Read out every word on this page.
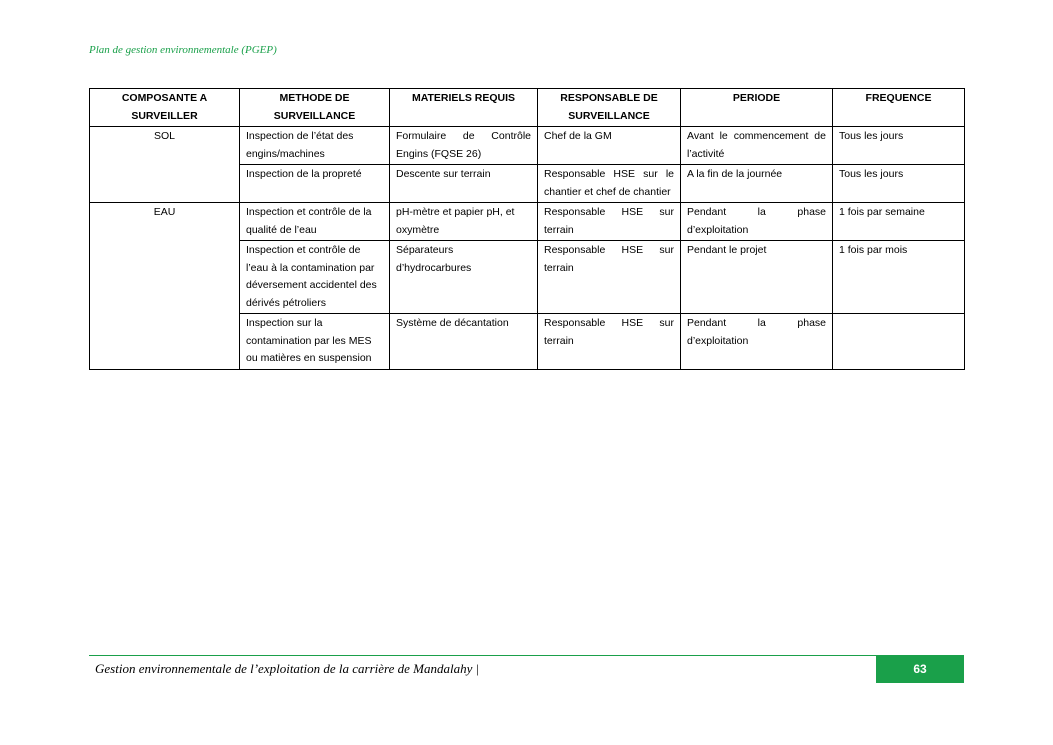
Plan de gestion environnementale (PGEP)
COMPOSANTE A SURVEILLER	METHODE DE SURVEILLANCE	MATERIELS REQUIS	RESPONSABLE DE SURVEILLANCE	PERIODE	FREQUENCE
SOL	Inspection de l’état des engins/machines	Formulaire de Contrôle Engins (FQSE 26)	Chef de la GM	Avant le commencement de l’activité	Tous les jours
	Inspection de la propreté	Descente sur terrain	Responsable HSE sur le chantier et chef de chantier	A la fin de la journée	Tous les jours
EAU	Inspection et contrôle de la qualité de l’eau	pH-mètre et papier pH, et oxymètre	Responsable HSE sur terrain	Pendant la phase d’exploitation	1 fois par semaine
	Inspection et contrôle de l’eau à la contamination par déversement accidentel des dérivés pétroliers	Séparateurs d’hydrocarbures	Responsable HSE sur terrain	Pendant le projet	1 fois par mois
	Inspection sur la contamination par les MES ou matières en suspension	Système de décantation	Responsable HSE sur terrain	Pendant la phase d’exploitation	
Gestion environnementale de l’exploitation de la carrière de Mandalahy |	63
